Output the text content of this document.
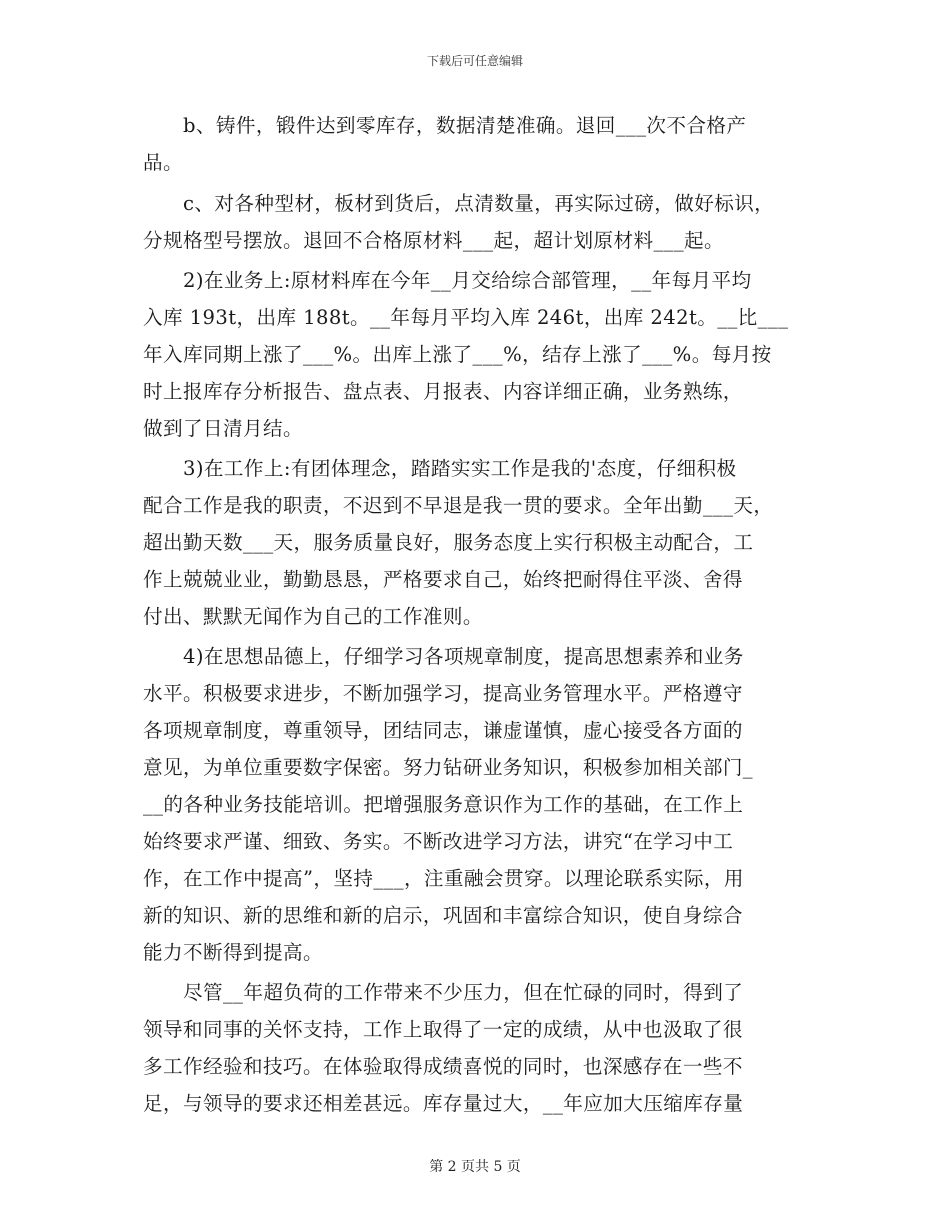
下载后可任意编辑
　　b、铸件，锻件达到零库存，数据清楚准确。退回___次不合格产
品。
　　c、对各种型材，板材到货后，点清数量，再实际过磅，做好标识，
分规格型号摆放。退回不合格原材料___起，超计划原材料___起。
　　2)在业务上:原材料库在今年__月交给综合部管理，__年每月平均
入库 193t，出库 188t。__年每月平均入库 246t，出库 242t。__比___
年入库同期上涨了___%。出库上涨了___%，结存上涨了___%。每月按
时上报库存分析报告、盘点表、月报表、内容详细正确，业务熟练，
做到了日清月结。
　　3)在工作上:有团体理念，踏踏实实工作是我的'态度，仔细积极
配合工作是我的职责，不迟到不早退是我一贯的要求。全年出勤___天，
超出勤天数___天，服务质量良好，服务态度上实行积极主动配合，工
作上兢兢业业，勤勤恳恳，严格要求自己，始终把耐得住平淡、舍得
付出、默默无闻作为自己的工作准则。
　　4)在思想品德上，仔细学习各项规章制度，提高思想素养和业务
水平。积极要求进步，不断加强学习，提高业务管理水平。严格遵守
各项规章制度，尊重领导，团结同志，谦虚谨慎，虚心接受各方面的
意见，为单位重要数字保密。努力钻研业务知识，积极参加相关部门_
__的各种业务技能培训。把增强服务意识作为工作的基础，在工作上
始终要求严谨、细致、务实。不断改进学习方法，讲究“在学习中工
作，在工作中提高”，坚持___，注重融会贯穿。以理论联系实际，用
新的知识、新的思维和新的启示，巩固和丰富综合知识，使自身综合
能力不断得到提高。
　　尽管__年超负荷的工作带来不少压力，但在忙碌的同时，得到了
领导和同事的关怀支持，工作上取得了一定的成绩，从中也汲取了很
多工作经验和技巧。在体验取得成绩喜悦的同时，也深感存在一些不
足，与领导的要求还相差甚远。库存量过大，__年应加大压缩库存量
第 2 页共 5 页
